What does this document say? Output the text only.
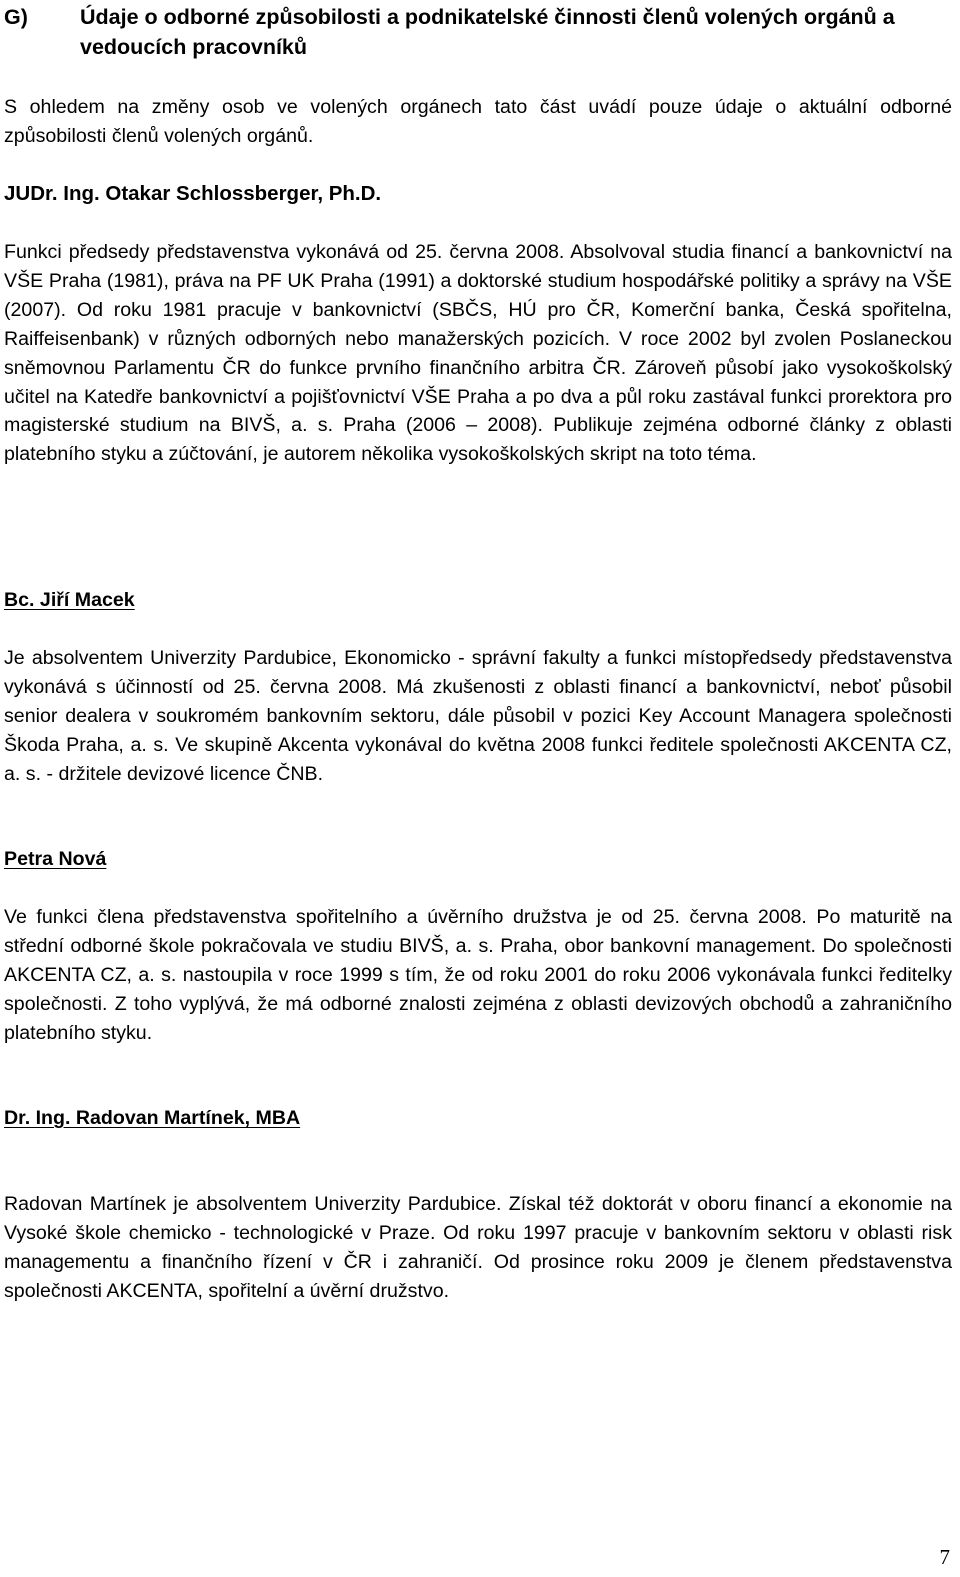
G) Údaje o odborné způsobilosti a podnikatelské činnosti členů volených orgánů a vedoucích pracovníků

S ohledem na změny osob ve volených orgánech tato část uvádí pouze údaje o aktuální odborné způsobilosti členů volených orgánů.

JUDr. Ing. Otakar Schlossberger, Ph.D.

Funkci předsedy představenstva vykonává od 25. června 2008. Absolvoval studia financí a bankovnictví na VŠE Praha (1981), práva na PF UK Praha (1991) a doktorské studium hospodářské politiky a správy na VŠE (2007). Od roku 1981 pracuje v bankovnictví (SBČS, HÚ pro ČR, Komerční banka, Česká spořitelna, Raiffeisenbank) v různých odborných nebo manažerských pozicích. V roce 2002 byl zvolen Poslaneckou sněmovnou Parlamentu ČR do funkce prvního finančního arbitra ČR. Zároveň působí jako vysokoškolský učitel na Katedře bankovnictví a pojišťovnictví VŠE Praha a po dva a půl roku zastával funkci prorektora pro magisterské studium na BIVŠ, a. s. Praha (2006 – 2008). Publikuje zejména odborné články z oblasti platebního styku a zúčtování, je autorem několika vysokoškolských skript na toto téma.

Bc. Jiří Macek

Je absolventem Univerzity Pardubice, Ekonomicko - správní fakulty a funkci místopředsedy představenstva vykonává s účinností od 25. června 2008. Má zkušenosti z oblasti financí a bankovnictví, neboť působil senior dealera v soukromém bankovním sektoru, dále působil v pozici Key Account Managera společnosti Škoda Praha, a. s. Ve skupině Akcenta vykonával do května 2008 funkci ředitele společnosti AKCENTA CZ, a. s. - držitele devizové licence ČNB.

Petra Nová

Ve funkci člena představenstva spořitelního a úvěrního družstva je od 25. června 2008. Po maturitě na střední odborné škole pokračovala ve studiu BIVŠ, a. s. Praha, obor bankovní management. Do společnosti AKCENTA CZ, a. s. nastoupila v roce 1999 s tím, že od roku 2001 do roku 2006 vykonávala funkci ředitelky společnosti. Z toho vyplývá, že má odborné znalosti zejména z oblasti devizových obchodů a zahraničního platebního styku.

Dr. Ing. Radovan Martínek, MBA

Radovan Martínek je absolventem Univerzity Pardubice. Získal též doktorát v oboru financí a ekonomie na Vysoké škole chemicko - technologické v Praze. Od roku 1997 pracuje v bankovním sektoru v oblasti risk managementu a finančního řízení v ČR i zahraničí. Od prosince roku 2009 je členem představenstva společnosti AKCENTA, spořitelní a úvěrní družstvo.

7
